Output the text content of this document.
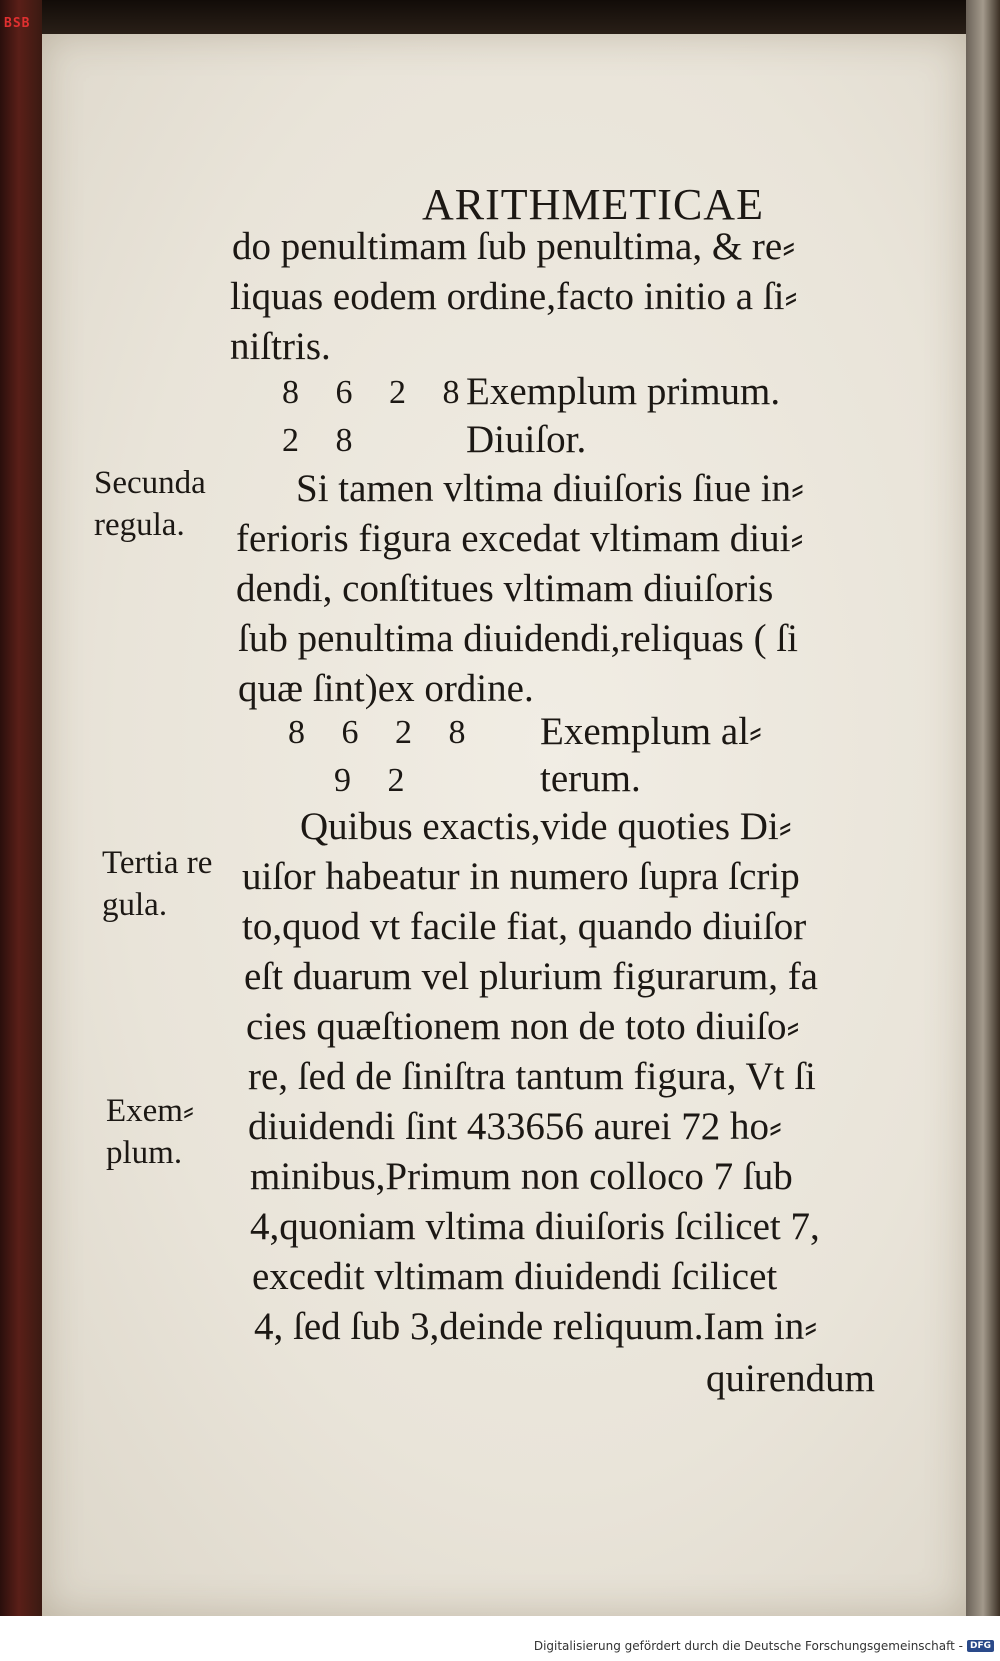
BSB
ARITHMETICAE
do penultimam ſub penultima, & re⸗
liquas eodem ordine,facto initio a ſi⸗
niſtris.
8 6 2 8
Exemplum primum.
2 8	Diuiſor.
Secunda
regula.
Si tamen vltima diuiſoris ſiue in⸗
ferioris figura excedat vltimam diui⸗
dendi, conſtitues vltimam diuiſoris
ſub penultima diuidendi,reliquas ( ſi
quæ ſint)ex ordine.
8 6 2 8 Exemplum al⸗
9 2	terum.
Tertia re
gula.
Quibus exactis,vide quoties Di⸗
uiſor habeatur in numero ſupra ſcrip
to,quod vt facile fiat, quando diuiſor
eſt duarum vel plurium figurarum, fa
cies quæſtionem non de toto diuiſo⸗
re, ſed de ſiniſtra tantum figura, Vt ſi
Exem⸗
plum.
diuidendi ſint 433656 aurei 72 ho⸗
minibus,Primum non colloco 7 ſub
4,quoniam vltima diuiſoris ſcilicet 7,
excedit vltimam diuidendi ſcilicet
4, ſed ſub 3,deinde reliquum.Iam in⸗
quirendum
Digitalisierung gefördert durch die Deutsche Forschungsgemeinschaft - DFG
